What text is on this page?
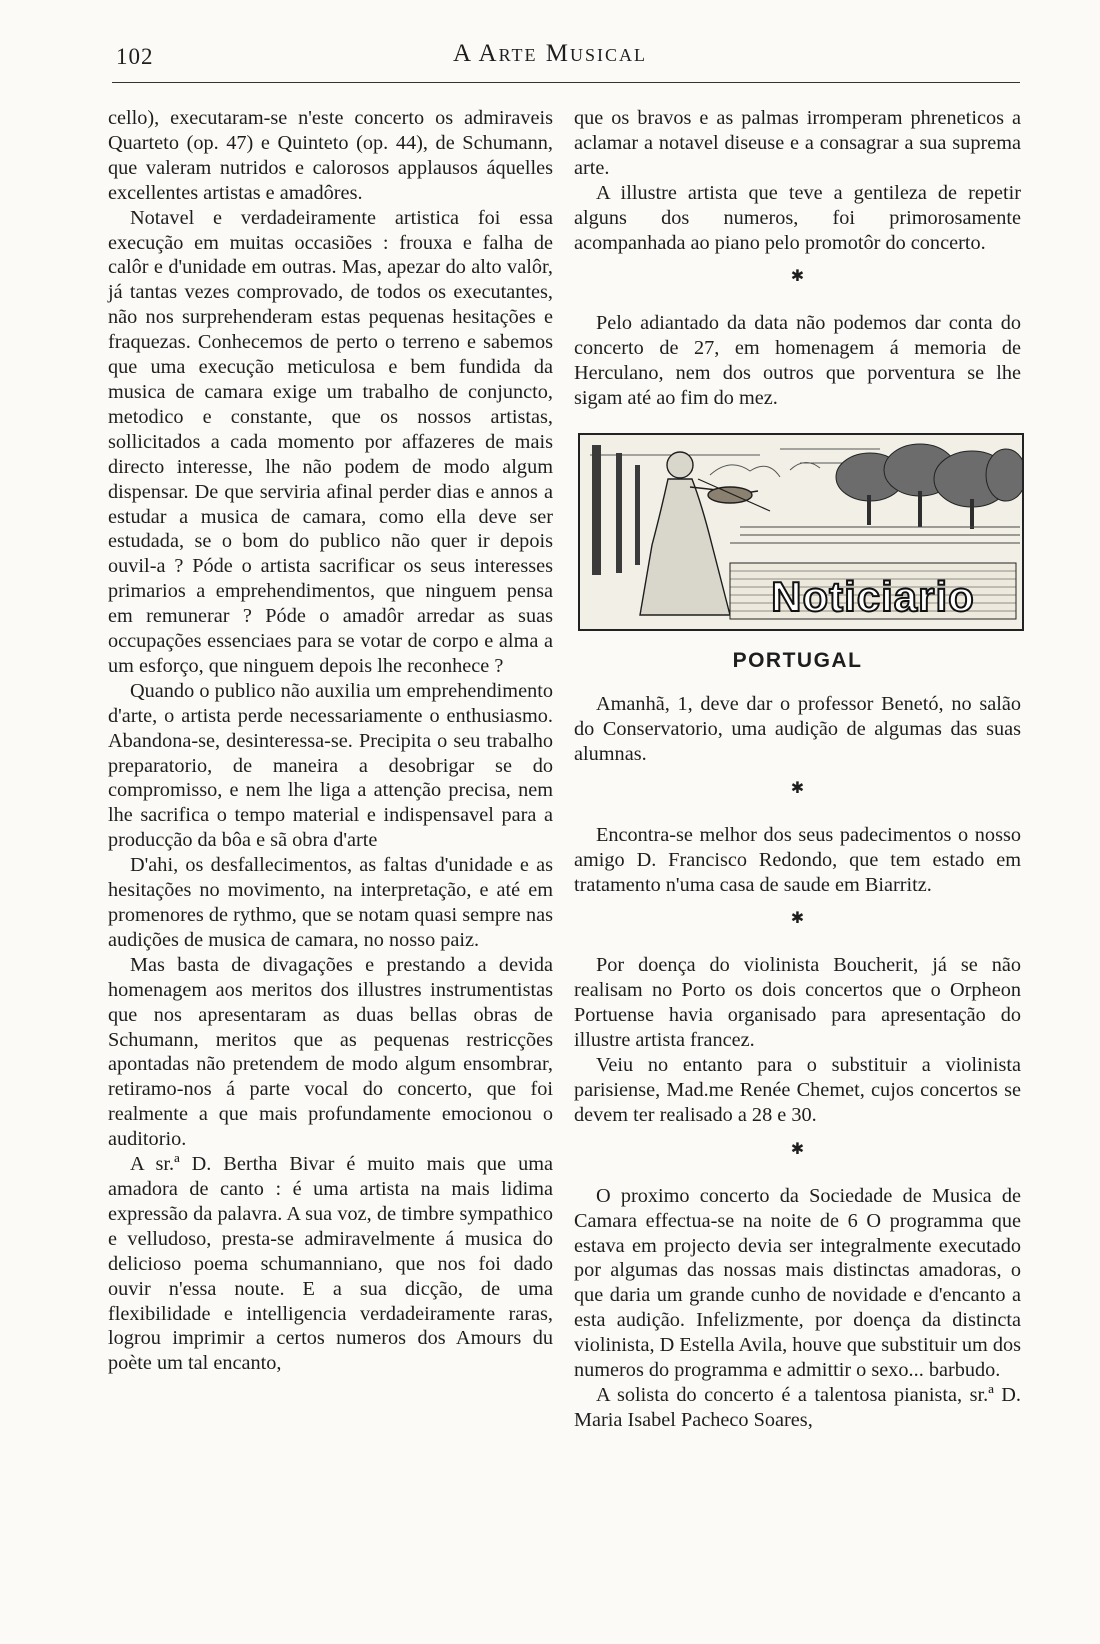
102	A Arte Musical

cello), executaram-se n'este concerto os admiraveis Quarteto (op. 47) e Quinteto (op. 44), de Schumann, que valeram nutridos e calorosos applausos áquelles excellentes artistas e amadôres.

Notavel e verdadeiramente artistica foi essa execução em muitas occasiões : frouxa e falha de calôr e d'unidade em outras. Mas, apezar do alto valôr, já tantas vezes comprovado, de todos os executantes, não nos surprehenderam estas pequenas hesitações e fraquezas. Conhecemos de perto o terreno e sabemos que uma execução meticulosa e bem fundida da musica de camara exige um trabalho de conjuncto, metodico e constante, que os nossos artistas, sollicitados a cada momento por affazeres de mais directo interesse, lhe não podem de modo algum dispensar. De que serviria afinal perder dias e annos a estudar a musica de camara, como ella deve ser estudada, se o bom do publico não quer ir depois ouvil-a ? Póde o artista sacrificar os seus interesses primarios a emprehendimentos, que ninguem pensa em remunerar ? Póde o amadôr arredar as suas occupações essenciaes para se votar de corpo e alma a um esforço, que ninguem depois lhe reconhece ?

Quando o publico não auxilia um emprehendimento d'arte, o artista perde necessariamente o enthusiasmo. Abandona-se, desinteressa-se. Precipita o seu trabalho preparatorio, de maneira a desobrigar se do compromisso, e nem lhe liga a attenção precisa, nem lhe sacrifica o tempo material e indispensavel para a producção da bôa e sã obra d'arte

D'ahi, os desfallecimentos, as faltas d'unidade e as hesitações no movimento, na interpretação, e até em promenores de rythmo, que se notam quasi sempre nas audições de musica de camara, no nosso paiz.

Mas basta de divagações e prestando a devida homenagem aos meritos dos illustres instrumentistas que nos apresentaram as duas bellas obras de Schumann, meritos que as pequenas restricções apontadas não pretendem de modo algum ensombrar, retiramo-nos á parte vocal do concerto, que foi realmente a que mais profundamente emocionou o auditorio.

A sr.ª D. Bertha Bivar é muito mais que uma amadora de canto : é uma artista na mais lidima expressão da palavra. A sua voz, de timbre sympathico e velludoso, presta-se admiravelmente á musica do delicioso poema schumanniano, que nos foi dado ouvir n'essa noute. E a sua dicção, de uma flexibilidade e intelligencia verdadeiramente raras, logrou imprimir a certos numeros dos Amours du poète um tal encanto,

que os bravos e as palmas irromperam phreneticos a aclamar a notavel diseuse e a consagrar a sua suprema arte.

A illustre artista que teve a gentileza de repetir alguns dos numeros, foi primorosamente acompanhada ao piano pelo promotôr do concerto.

✱

Pelo adiantado da data não podemos dar conta do concerto de 27, em homenagem á memoria de Herculano, nem dos outros que porventura se lhe sigam até ao fim do mez.

Noticiario
PORTUGAL

Amanhã, 1, deve dar o professor Benetó, no salão do Conservatorio, uma audição de algumas das suas alumnas.

✱

Encontra-se melhor dos seus padecimentos o nosso amigo D. Francisco Redondo, que tem estado em tratamento n'uma casa de saude em Biarritz.

✱

Por doença do violinista Boucherit, já se não realisam no Porto os dois concertos que o Orpheon Portuense havia organisado para apresentação do illustre artista francez.

Veiu no entanto para o substituir a violinista parisiense, Mad.me Renée Chemet, cujos concertos se devem ter realisado a 28 e 30.

✱

O proximo concerto da Sociedade de Musica de Camara effectua-se na noite de 6 O programma que estava em projecto devia ser integralmente executado por algumas das nossas mais distinctas amadoras, o que daria um grande cunho de novidade e d'encanto a esta audição. Infelizmente, por doença da distincta violinista, D Estella Avila, houve que substituir um dos numeros do programma e admittir o sexo... barbudo.

A solista do concerto é a talentosa pianista, sr.ª D. Maria Isabel Pacheco Soares,
